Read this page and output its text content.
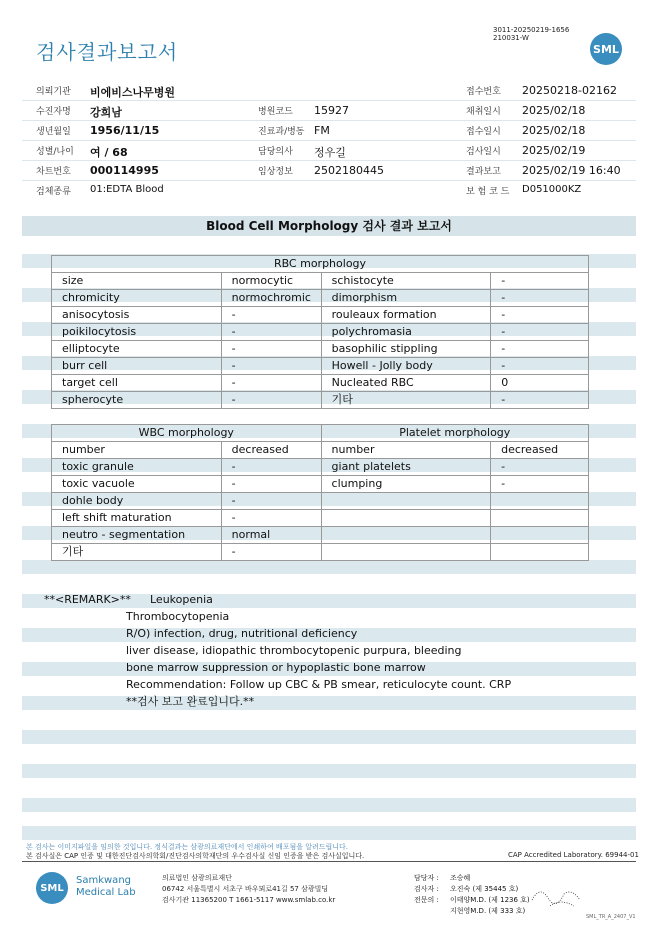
검사결과보고서
3011-20250219-1656
210031-W
SML
의뢰기관 비에비스나무병원	접수번호 20250218-02162
수진자명 강희남	병원코드 15927	채취일시 2025/02/18
생년월일 1956/11/15	진료과/병동 FM	접수일시 2025/02/18
성별/나이 여 / 68	담당의사 정우길	검사일시 2025/02/19
차트번호 000114995	임상정보 2502180445	결과보고 2025/02/19 16:40
검체종류 01:EDTA Blood	보 험 코 드 D051000KZ
Blood Cell Morphology 검사 결과 보고서
RBC morphology			
size	normocytic	schistocyte	-
chromicity	normochromic	dimorphism	-
anisocytosis	-	rouleaux formation	-
poikilocytosis	-	polychromasia	-
elliptocyte	-	basophilic stippling	-
burr cell	-	Howell - Jolly body	-
target cell	-	Nucleated RBC	0
spherocyte	-	기타	-
WBC morphology		Platelet morphology	
number	decreased	number	decreased
toxic granule	-	giant platelets	-
toxic vacuole	-	clumping	-
dohle body	-		
left shift maturation	-		
neutro - segmentation	normal		
기타	-		
**<REMARK>** Leukopenia
Thrombocytopenia
R/O) infection, drug, nutritional deficiency
liver disease, idiopathic thrombocytopenic purpura, bleeding
bone marrow suppression or hypoplastic bone marrow
Recommendation: Follow up CBC & PB smear, reticulocyte count. CRP
**검사 보고 완료입니다.**
본 검사는 이미지파일을 임의한 것입니다. 정식결과는 삼광의료재단에서 인쇄하여 배포됨을 알려드립니다.
본 검사실은 CAP 인증 및 대한진단검사의학회/진단검사의학재단의 우수검사실 신임 인증을 받은 검사실입니다.	CAP Accredited Laboratory. 69944-01
SML
Samkwang
Medical Lab
의료법인 삼광의료재단
06742 서울특별시 서초구 바우뫼로41길 57 삼광빌딩
검사기관 11365200 T 1661-5117 www.smlab.co.kr
담당자 : 조승혜
검사자 : 오진숙 (제 35445 호)
전문의 : 이태양M.D. (제 1236 호)
지현영M.D. (제 333 호)
SML_TR_A_2407_V1
